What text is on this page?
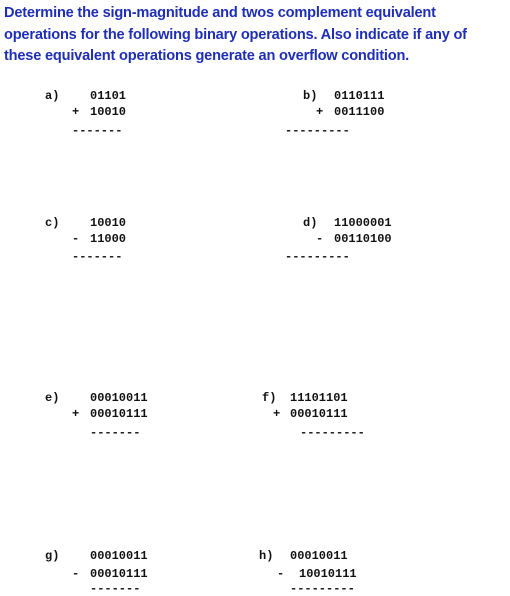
Determine the sign-magnitude and twos complement equivalent
operations for the following binary operations. Also indicate if any of
these equivalent operations generate an overflow condition.
a)	01101
+ 10010
-------
b) 0110111
+ 0011100
---------
c)	10010
- 11000
-------
d) 11000001
- 00110100
---------
e)	00010011
+ 00010111
-------
f) 11101101
+ 00010111
---------
g)	00010011
- 00010111
-------
h) 00010011
- 10010111
---------
